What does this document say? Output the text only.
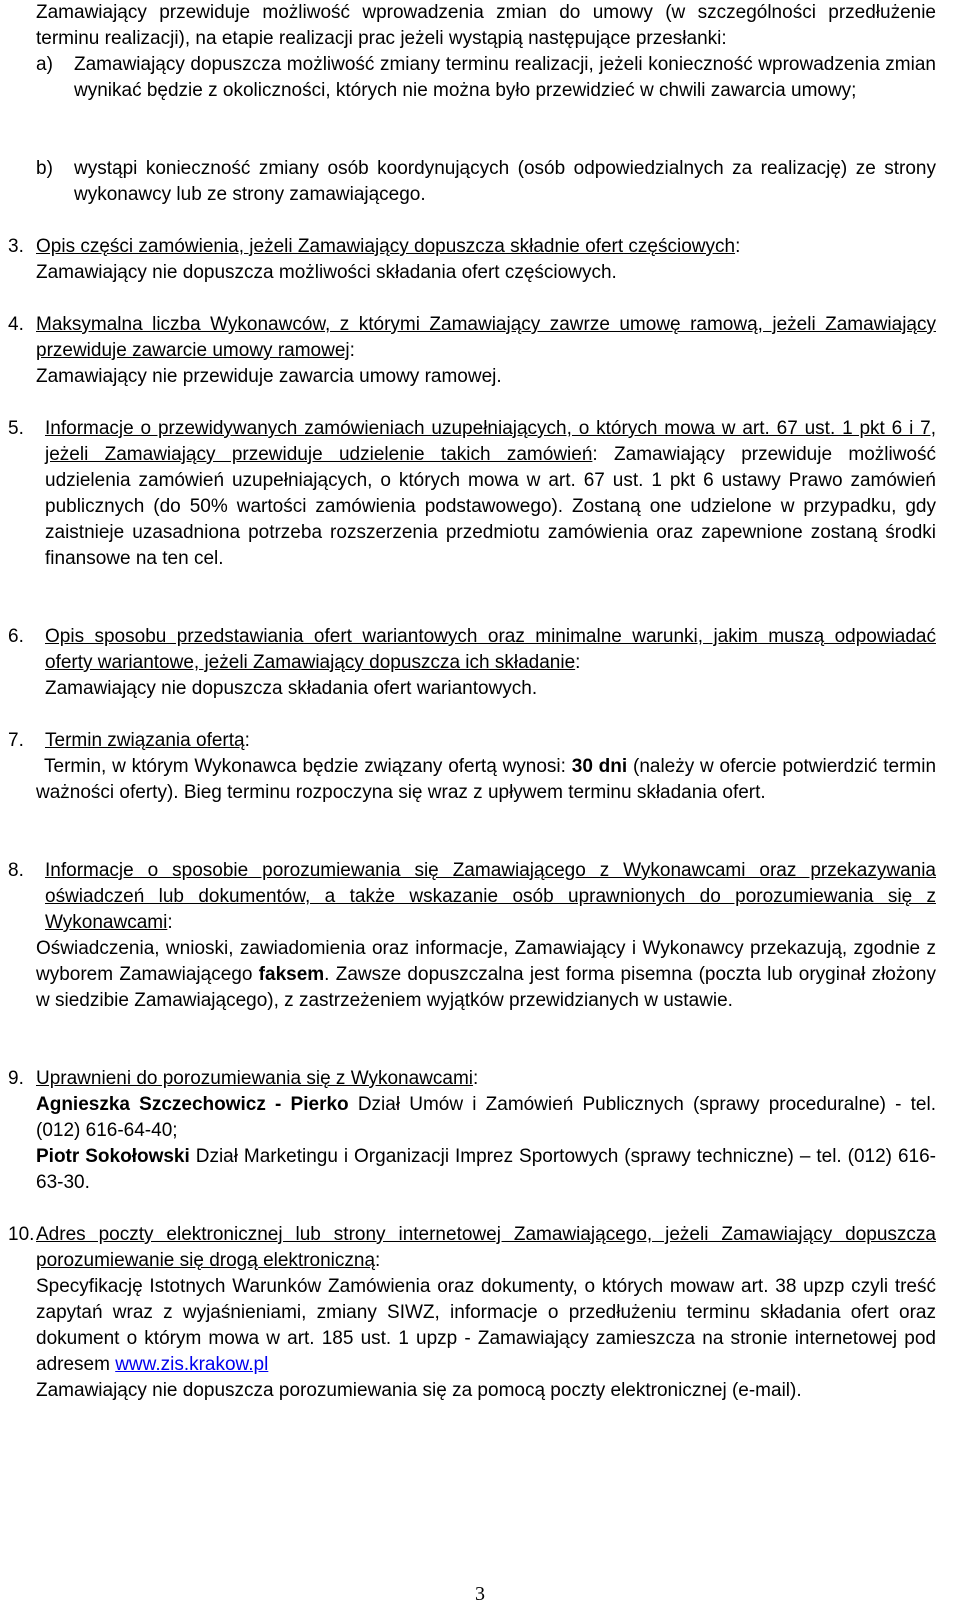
Zamawiający przewiduje możliwość wprowadzenia zmian do umowy (w szczególności przedłużenie terminu realizacji), na etapie realizacji prac jeżeli wystąpią następujące przesłanki:
a)	Zamawiający dopuszcza możliwość zmiany terminu realizacji, jeżeli konieczność wprowadzenia zmian wynikać będzie z okoliczności, których nie można było przewidzieć w chwili zawarcia umowy;
b)	wystąpi konieczność zmiany osób koordynujących (osób odpowiedzialnych za realizację) ze strony wykonawcy lub ze strony zamawiającego.
3. Opis części zamówienia, jeżeli Zamawiający dopuszcza składnie ofert częściowych:
Zamawiający nie dopuszcza możliwości składania ofert częściowych.
4. Maksymalna liczba Wykonawców, z którymi Zamawiający zawrze umowę ramową, jeżeli Zamawiający przewiduje zawarcie umowy ramowej:
Zamawiający nie przewiduje zawarcia umowy ramowej.
5. Informacje o przewidywanych zamówieniach uzupełniających, o których mowa w art. 67 ust. 1 pkt 6 i 7, jeżeli Zamawiający przewiduje udzielenie takich zamówień: Zamawiający przewiduje możliwość udzielenia zamówień uzupełniających, o których mowa w art. 67 ust. 1 pkt 6 ustawy Prawo zamówień publicznych (do 50% wartości zamówienia podstawowego). Zostaną one udzielone w przypadku, gdy zaistnieje uzasadniona potrzeba rozszerzenia przedmiotu zamówienia oraz zapewnione zostaną środki finansowe na ten cel.
6. Opis sposobu przedstawiania ofert wariantowych oraz minimalne warunki, jakim muszą odpowiadać oferty wariantowe, jeżeli Zamawiający dopuszcza ich składanie:
Zamawiający nie dopuszcza składania ofert wariantowych.
7. Termin związania ofertą:
Termin, w którym Wykonawca będzie związany ofertą wynosi: 30 dni (należy w ofercie potwierdzić termin ważności oferty). Bieg terminu rozpoczyna się wraz z upływem terminu składania ofert.
8. Informacje o sposobie porozumiewania się Zamawiającego z Wykonawcami oraz przekazywania oświadczeń lub dokumentów, a także wskazanie osób uprawnionych do porozumiewania się z Wykonawcami:
Oświadczenia, wnioski, zawiadomienia oraz informacje, Zamawiający i Wykonawcy przekazują, zgodnie z wyborem Zamawiającego faksem. Zawsze dopuszczalna jest forma pisemna (poczta lub oryginał złożony w siedzibie Zamawiającego), z zastrzeżeniem wyjątków przewidzianych w ustawie.
9. Uprawnieni do porozumiewania się z Wykonawcami:
Agnieszka Szczechowicz - Pierko Dział Umów i Zamówień Publicznych (sprawy proceduralne) - tel. (012) 616-64-40;
Piotr Sokołowski Dział Marketingu i Organizacji Imprez Sportowych (sprawy techniczne) – tel. (012) 616-63-30.
10. Adres poczty elektronicznej lub strony internetowej Zamawiającego, jeżeli Zamawiający dopuszcza porozumiewanie się drogą elektroniczną:
Specyfikację Istotnych Warunków Zamówienia oraz dokumenty, o których mowaw art. 38 upzp czyli treść zapytań wraz z wyjaśnieniami, zmiany SIWZ, informacje o przedłużeniu terminu składania ofert oraz dokument o którym mowa w art. 185 ust. 1 upzp - Zamawiający zamieszcza na stronie internetowej pod adresem www.zis.krakow.pl
Zamawiający nie dopuszcza porozumiewania się za pomocą poczty elektronicznej (e-mail).
3
